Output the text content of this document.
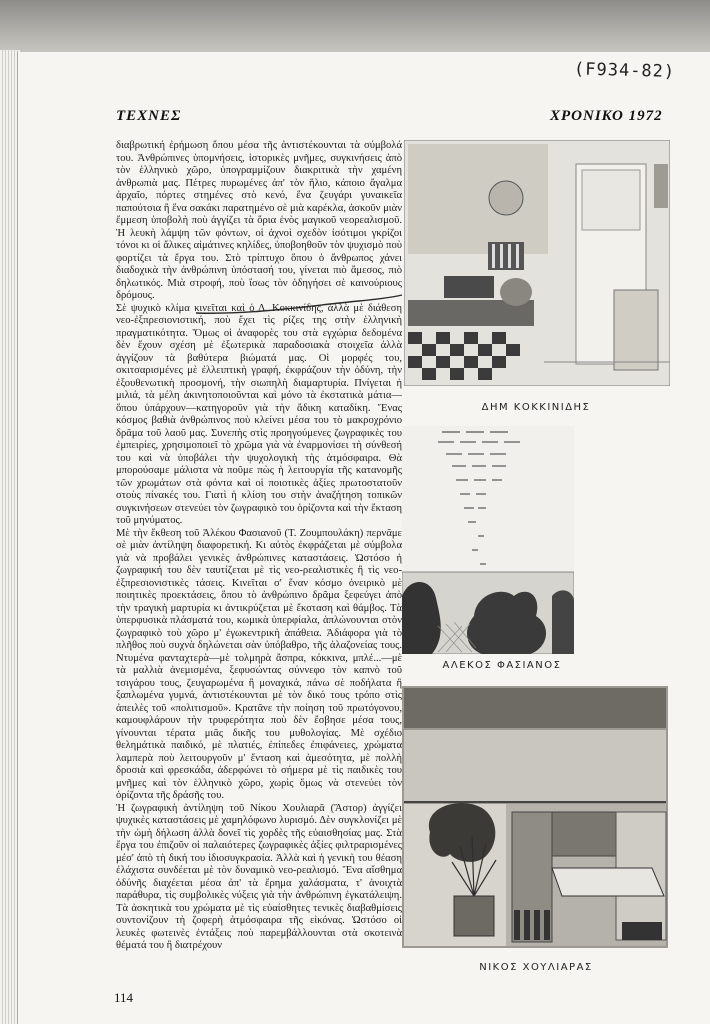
(F934-82)
ΤΕΧΝΕΣ	ΧΡΟΝΙΚΟ 1972

διαβρωτική ἐρήμωση ὅπου μέσα τῆς ἀντιστέκουνται τὰ σύμβολά του. Ἀνθρώπινες ὑπομνήσεις, ἱστορικὲς μνῆμες, συγκινήσεις ἀπὸ τὸν ἑλληνικὸ χῶρο, ὑπογραμμίζουν διακριτικὰ τὴν χαμένη ἀνθρωπιὰ μας. Πέτρες πυρωμένες ἀπ' τὸν ἥλιο, κάποιο ἄγαλμα ἀρχαῖο, πόρτες στημένες στὸ κενό, ἕνα ζευγάρι γυναικεῖα παπούτσια ἢ ἕνα σακάκι παρατημένο σὲ μιὰ καρέκλα, ἀσκοῦν μιὰν ἔμμεση ὑποβολὴ ποὺ ἀγγίζει τὰ ὅρια ἑνὸς μαγικοῦ νεορεαλισμοῦ. Ἡ λευκὴ λάμψη τῶν φόντων, οἱ ἀχνοὶ σχεδὸν ἰσότιμοι γκρίζοι τόνοι κι οἱ ἄλικες αἱμάτινες κηλίδες, ὑποβοηθοῦν τὸν ψυχισμὸ ποὺ φορτίζει τὰ ἔργα του. Στὸ τρίπτυχο ὅπου ὁ ἄνθρωπος χάνει διαδοχικὰ τὴν ἀνθρώπινη ὑπόστασή του, γίνεται πιὸ ἄμεσος, πιὸ δηλωτικός. Μιὰ στροφή, ποὺ ἴσως τὸν ὁδηγήσει σὲ καινούριους δρόμους.

Σὲ ψυχικὸ κλίμα κινεῖται καὶ ὁ Δ. Κοκκινίδης, ἀλλὰ μὲ διάθεση νεο-ἐξπρεσιονιστική, ποὺ ἔχει τὶς ρίζες της στὴν ἑλληνικὴ πραγματικότητα. Ὅμως οἱ ἀναφορὲς του στὰ εγχώρια δεδομένα δὲν ἔχουν σχέση μὲ ἐξωτερικὰ παραδοσιακὰ στοιχεῖα ἀλλὰ ἀγγίζουν τὰ βαθύτερα βιώματά μας. Οἱ μορφές του, σκιτσαρισμένες μὲ ἐλλειπτικὴ γραφή, ἐκφράζουν τὴν ὀδύνη, τὴν ἐξουθενωτικὴ προσμονή, τὴν σιωπηλὴ διαμαρτυρία. Πνίγεται ἡ μιλιά, τὰ μέλη ἀκινητοποιοῦνται καὶ μόνο τὰ ἐκστατικὰ μάτια—ὅπου ὑπάρχουν—κατηγοροῦν γιὰ τὴν ἄδικη καταδίκη. Ἕνας κόσμος βαθιὰ ἀνθρώπινος ποὺ κλείνει μέσα του τὸ μακροχρόνιο δρᾶμα τοῦ λαοῦ μας. Συνεπὴς στὶς προηγούμενες ζωγραφικὲς του ἐμπειρίες, χρησιμοποιεῖ τὸ χρῶμα γιὰ νὰ ἐναρμονίσει τὴ σύνθεσή του καὶ νὰ ὑποβάλει τὴν ψυχολογικὴ τὴς ἀτμόσφαιρα. Θὰ μπορούσαμε μάλιστα νὰ ποῦμε πὼς ἡ λειτουργία τῆς κατανομῆς τῶν χρωμάτων στὰ φόντα καὶ οἱ ποιοτικὲς ἀξίες πρωτοστατοῦν στοὺς πίνακές του. Γιατὶ ἡ κλίση του στὴν ἀναζήτηση τοπικῶν συγκινήσεων στενεύει τὸν ζωγραφικὸ του ὁρίζοντα καὶ τὴν ἔκταση τοῦ μηνύματος.

Μὲ τὴν ἔκθεση τοῦ Ἀλέκου Φασιανοῦ (Τ. Ζουμπουλάκη) περνᾶμε σὲ μιὰν ἀντίληψη διαφορετική. Κι αὐτὸς ἐκφράζεται μὲ σύμβολα γιὰ νὰ προβάλει γενικὲς ἀνθρώπινες καταστάσεις. Ὡστόσο ἡ ζωγραφική του δὲν ταυτίζεται μὲ τὶς νεο-ρεαλιστικὲς ἢ τὶς νεο-ἐξπρεσιονιστικὲς τάσεις. Κινεῖται σ' ἕναν κόσμο ὀνειρικὸ μὲ ποιητικὲς προεκτάσεις, ὅπου τὸ ἀνθρώπινο δρᾶμα ξεφεύγει ἀπὸ τὴν τραγικὴ μαρτυρία κι ἀντικρύζεται μὲ ἔκσταση καὶ θάμβος. Τὰ ὑπερφυσικὰ πλάσματά του, κωμικὰ ὑπερφίαλα, ἁπλώνουνται στὸν ζωγραφικὸ τοὺ χῶρο μ' ἐγωκεντρικὴ ἀπάθεια. Ἀδιάφορα γιὰ τὸ πλῆθος ποὺ συχνὰ δηλώνεται σὰν ὑπόβαθρο, τῆς ἀλαζονείας τους. Ντυμένα φανταχτερὰ—μὲ τολμηρὰ ἄσπρα, κόκκινα, μπλέ...—μὲ τὰ μαλλιὰ ἀνεμισμένα, ξεφυσώντας σύννεφο τὸν καπνὸ τοῦ τσιγάρου τους, ζευγαρωμένα ἢ μοναχικά, πάνω σὲ ποδήλατα ἢ ξαπλωμένα γυμνά, ἀντιστέκουνται μὲ τὸν δικό τους τρόπο στὶς ἀπειλὲς τοῦ «πολιτισμοῦ». Κρατᾶνε τὴν ποίηση τοῦ πρωτόγονου, καμουφλάρουν τὴν τρυφερότητα ποὺ δὲν ἔσβησε μέσα τους, γίνουνται τέρατα μιᾶς δικῆς του μυθολογίας. Μὲ σχέδιο θελημάτικὰ παιδικό, μὲ πλατιές, ἐπίπεδες ἐπιφάνειες, χρώματα λαμπερὰ ποὺ λειτουργοῦν μ' ἔνταση καὶ ἀμεσότητα, μὲ πολλὴ δροσιὰ καὶ φρεσκάδα, ἀδερφώνει τὸ σήμερα μὲ τὶς παιδικὲς του μνῆμες καὶ τὸν ἑλληνικὸ χῶρο, χωρὶς ὅμως νὰ στενεύει τὸν ὁρίζοντα τῆς δράσῆς του.

Ἡ ζωγραφικὴ ἀντίληψη τοῦ Νίκου Χουλιαρᾶ (Ἄστορ) ἀγγίζει ψυχικὲς καταστάσεις μὲ χαμηλόφωνο λυρισμό. Δὲν συγκλονίζει μὲ τὴν ὠμὴ δήλωση ἀλλὰ δονεῖ τὶς χορδὲς τῆς εὐαισθησίας μας. Στὰ ἔργα του ἐπιζοῦν οἱ παλαιότερες ζωγραφικὲς ἀξίες φιλτραρισμένες μέσ' ἀπὸ τὴ δική του ἰδιοσυγκρασία. Ἀλλὰ καὶ ἡ γενικὴ του θέαση ἐλάχιστα συνδέεται μὲ τὸν δυναμικὸ νεο-ρεαλισμό. Ἕνα αἴσθημα ὀδύνῆς διαχέεται μέσα ἀπ' τὰ ἔρημα χαλάσματα, τ' ἀνοιχτὰ παράθυρα, τὶς συμβολικὲς νύξεις γιὰ τὴν ἀνθρώπινη ἐγκατάλειψη. Τὰ ἀσκητικὰ του χρώματα μὲ τὶς εὐαίσθητες τενικὲς διαβαθμίσεις συντονίζουν τὴ ζοφερὴ ἀτμόσφαιρα τῆς εἰκόνας. Ὡστόσο οἱ λευκὲς φωτεινὲς ἐντάξεις ποὺ παρεμβάλλουνται στὰ σκοτεινὰ θέματά του ἢ διατρέχουν

ΔΗΜ ΚΟΚΚΙΝΙΔΗΣ
ΑΛΕΚΟΣ ΦΑΣΙΑΝΟΣ
ΝΙΚΟΣ ΧΟΥΛΙΑΡΑΣ
114
